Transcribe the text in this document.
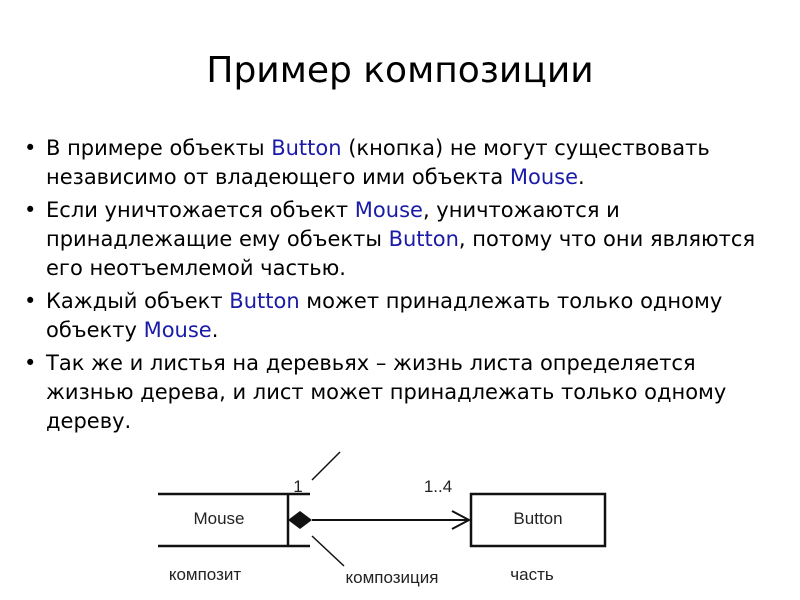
Пример композиции
• В примере объекты Button (кнопка) не могут существовать независимо от владеющего ими объекта Mouse.
• Если уничтожается объект Mouse, уничтожаются и принадлежащие ему объекты Button, потому что они являются его неотъемлемой частью.
• Каждый объект Button может принадлежать только одному объекту Mouse.
• Так же и листья на деревьях – жизнь листа определяется жизнью дерева, и лист может принадлежать только одному дереву.
Mouse	Button
1	1..4
композит	композиция	часть
